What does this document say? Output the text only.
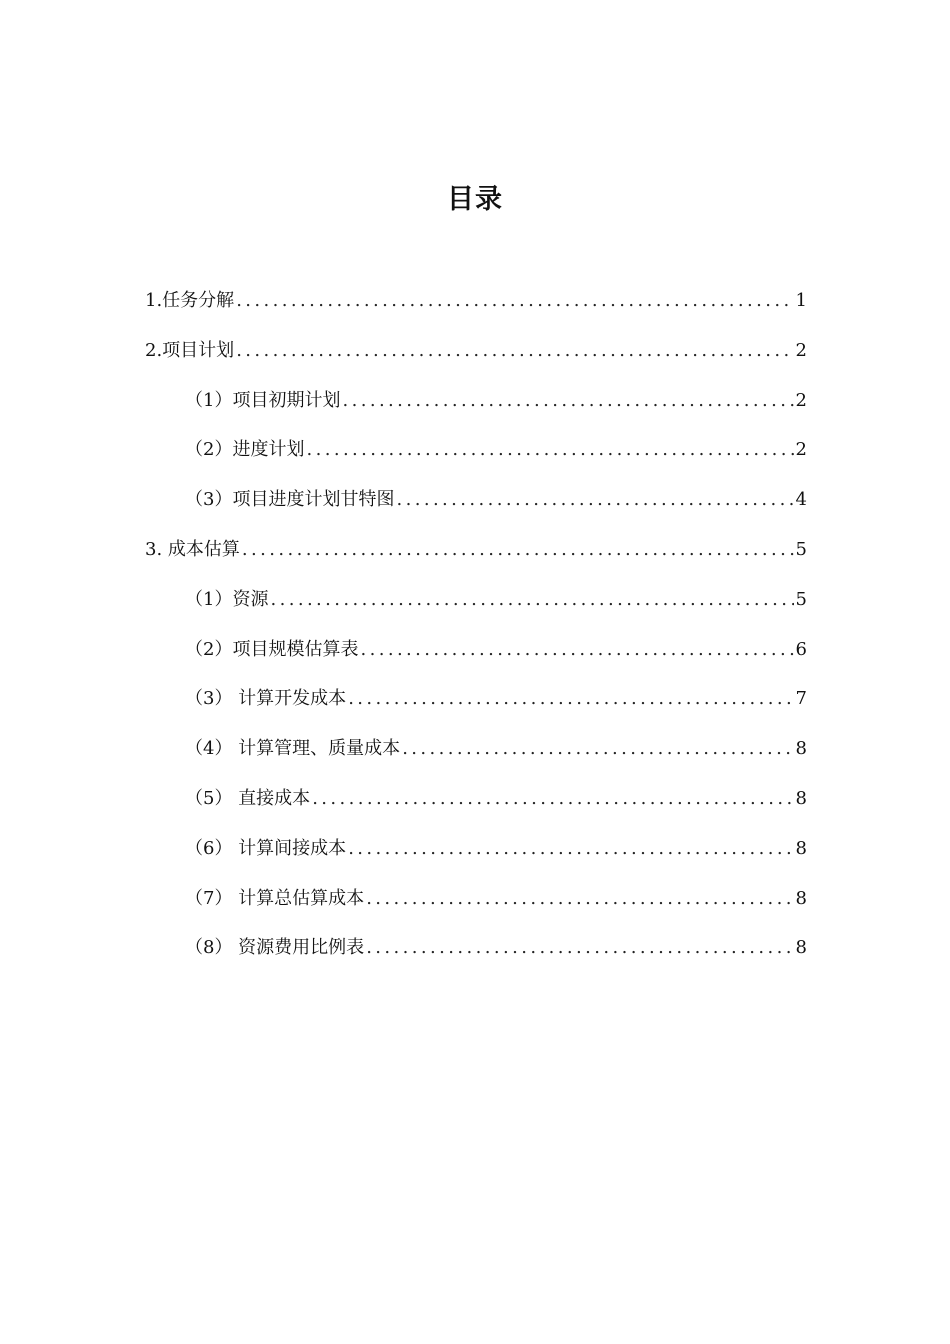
目录
1.任务分解 .....	1
2.项目计划 .....	2
（1）项目初期计划 .....	2
（2）进度计划 .....	2
（3）项目进度计划甘特图 .....	4
3. 成本估算 .....	5
（1）资源 .....	5
（2）项目规模估算表 .....	6
（3） 计算开发成本 .....	7
（4） 计算管理、质量成本 .....	8
（5） 直接成本 .....	8
（6） 计算间接成本 .....	8
（7） 计算总估算成本 .....	8
（8） 资源费用比例表 .....	8
